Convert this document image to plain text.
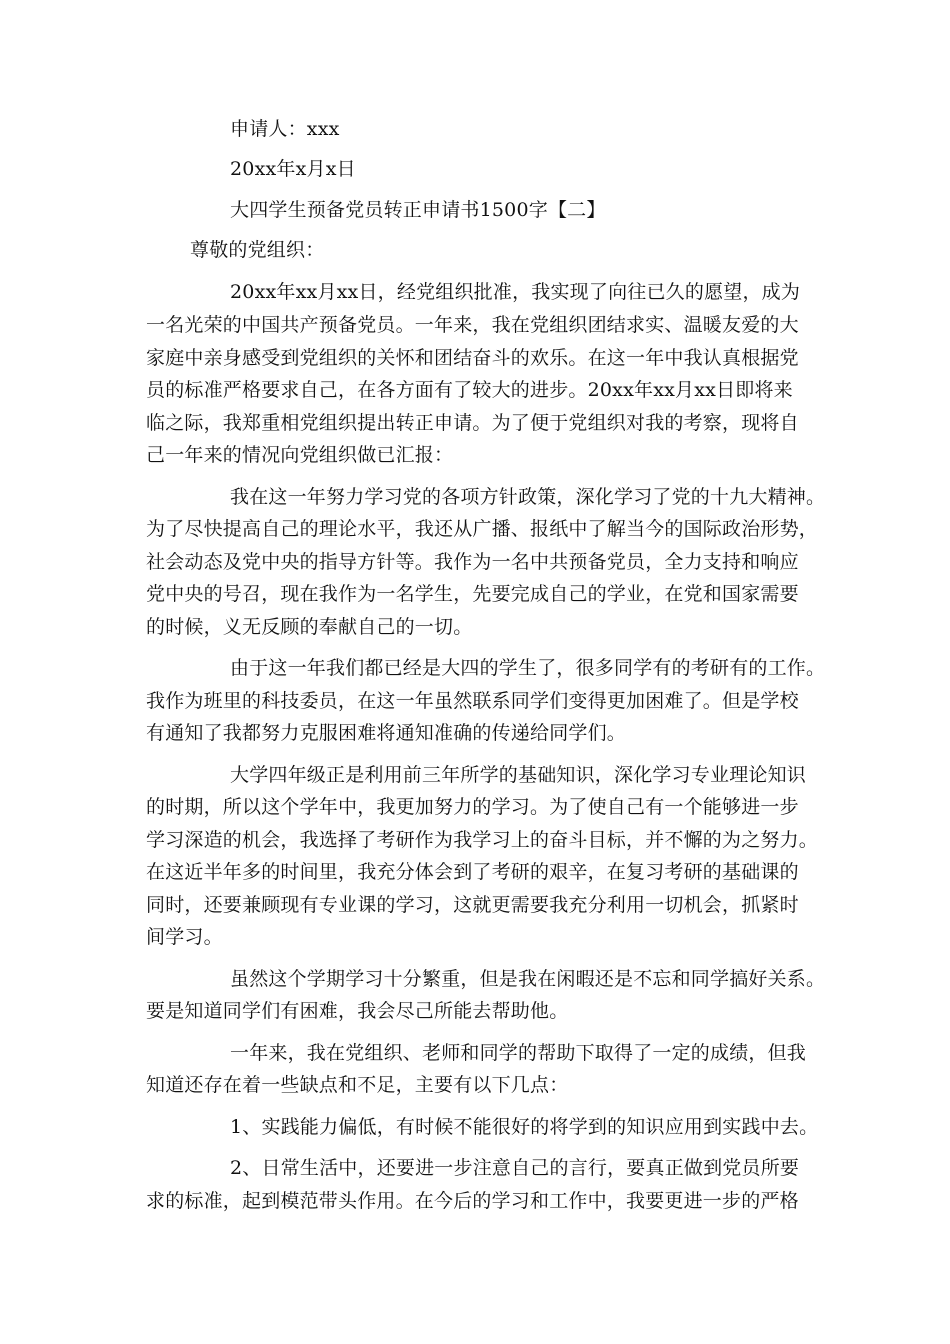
申请人：xxx
20xx年x月x日
大四学生预备党员转正申请书1500字【二】
尊敬的党组织：
20xx年xx月xx日，经党组织批准，我实现了向往已久的愿望，成为
一名光荣的中国共产预备党员。一年来，我在党组织团结求实、温暖友爱的大
家庭中亲身感受到党组织的关怀和团结奋斗的欢乐。在这一年中我认真根据党
员的标准严格要求自己，在各方面有了较大的进步。20xx年xx月xx日即将来
临之际，我郑重相党组织提出转正申请。为了便于党组织对我的考察，现将自
己一年来的情况向党组织做已汇报：
我在这一年努力学习党的各项方针政策，深化学习了党的十九大精神。
为了尽快提高自己的理论水平，我还从广播、报纸中了解当今的国际政治形势，
社会动态及党中央的指导方针等。我作为一名中共预备党员，全力支持和响应
党中央的号召，现在我作为一名学生，先要完成自己的学业，在党和国家需要
的时候，义无反顾的奉献自己的一切。
由于这一年我们都已经是大四的学生了，很多同学有的考研有的工作。
我作为班里的科技委员，在这一年虽然联系同学们变得更加困难了。但是学校
有通知了我都努力克服困难将通知准确的传递给同学们。
大学四年级正是利用前三年所学的基础知识，深化学习专业理论知识
的时期，所以这个学年中，我更加努力的学习。为了使自己有一个能够进一步
学习深造的机会，我选择了考研作为我学习上的奋斗目标，并不懈的为之努力。
在这近半年多的时间里，我充分体会到了考研的艰辛，在复习考研的基础课的
同时，还要兼顾现有专业课的学习，这就更需要我充分利用一切机会，抓紧时
间学习。
虽然这个学期学习十分繁重，但是我在闲暇还是不忘和同学搞好关系。
要是知道同学们有困难，我会尽己所能去帮助他。
一年来，我在党组织、老师和同学的帮助下取得了一定的成绩，但我
知道还存在着一些缺点和不足，主要有以下几点：
1、实践能力偏低，有时候不能很好的将学到的知识应用到实践中去。
2、日常生活中，还要进一步注意自己的言行，要真正做到党员所要
求的标准，起到模范带头作用。在今后的学习和工作中，我要更进一步的严格
